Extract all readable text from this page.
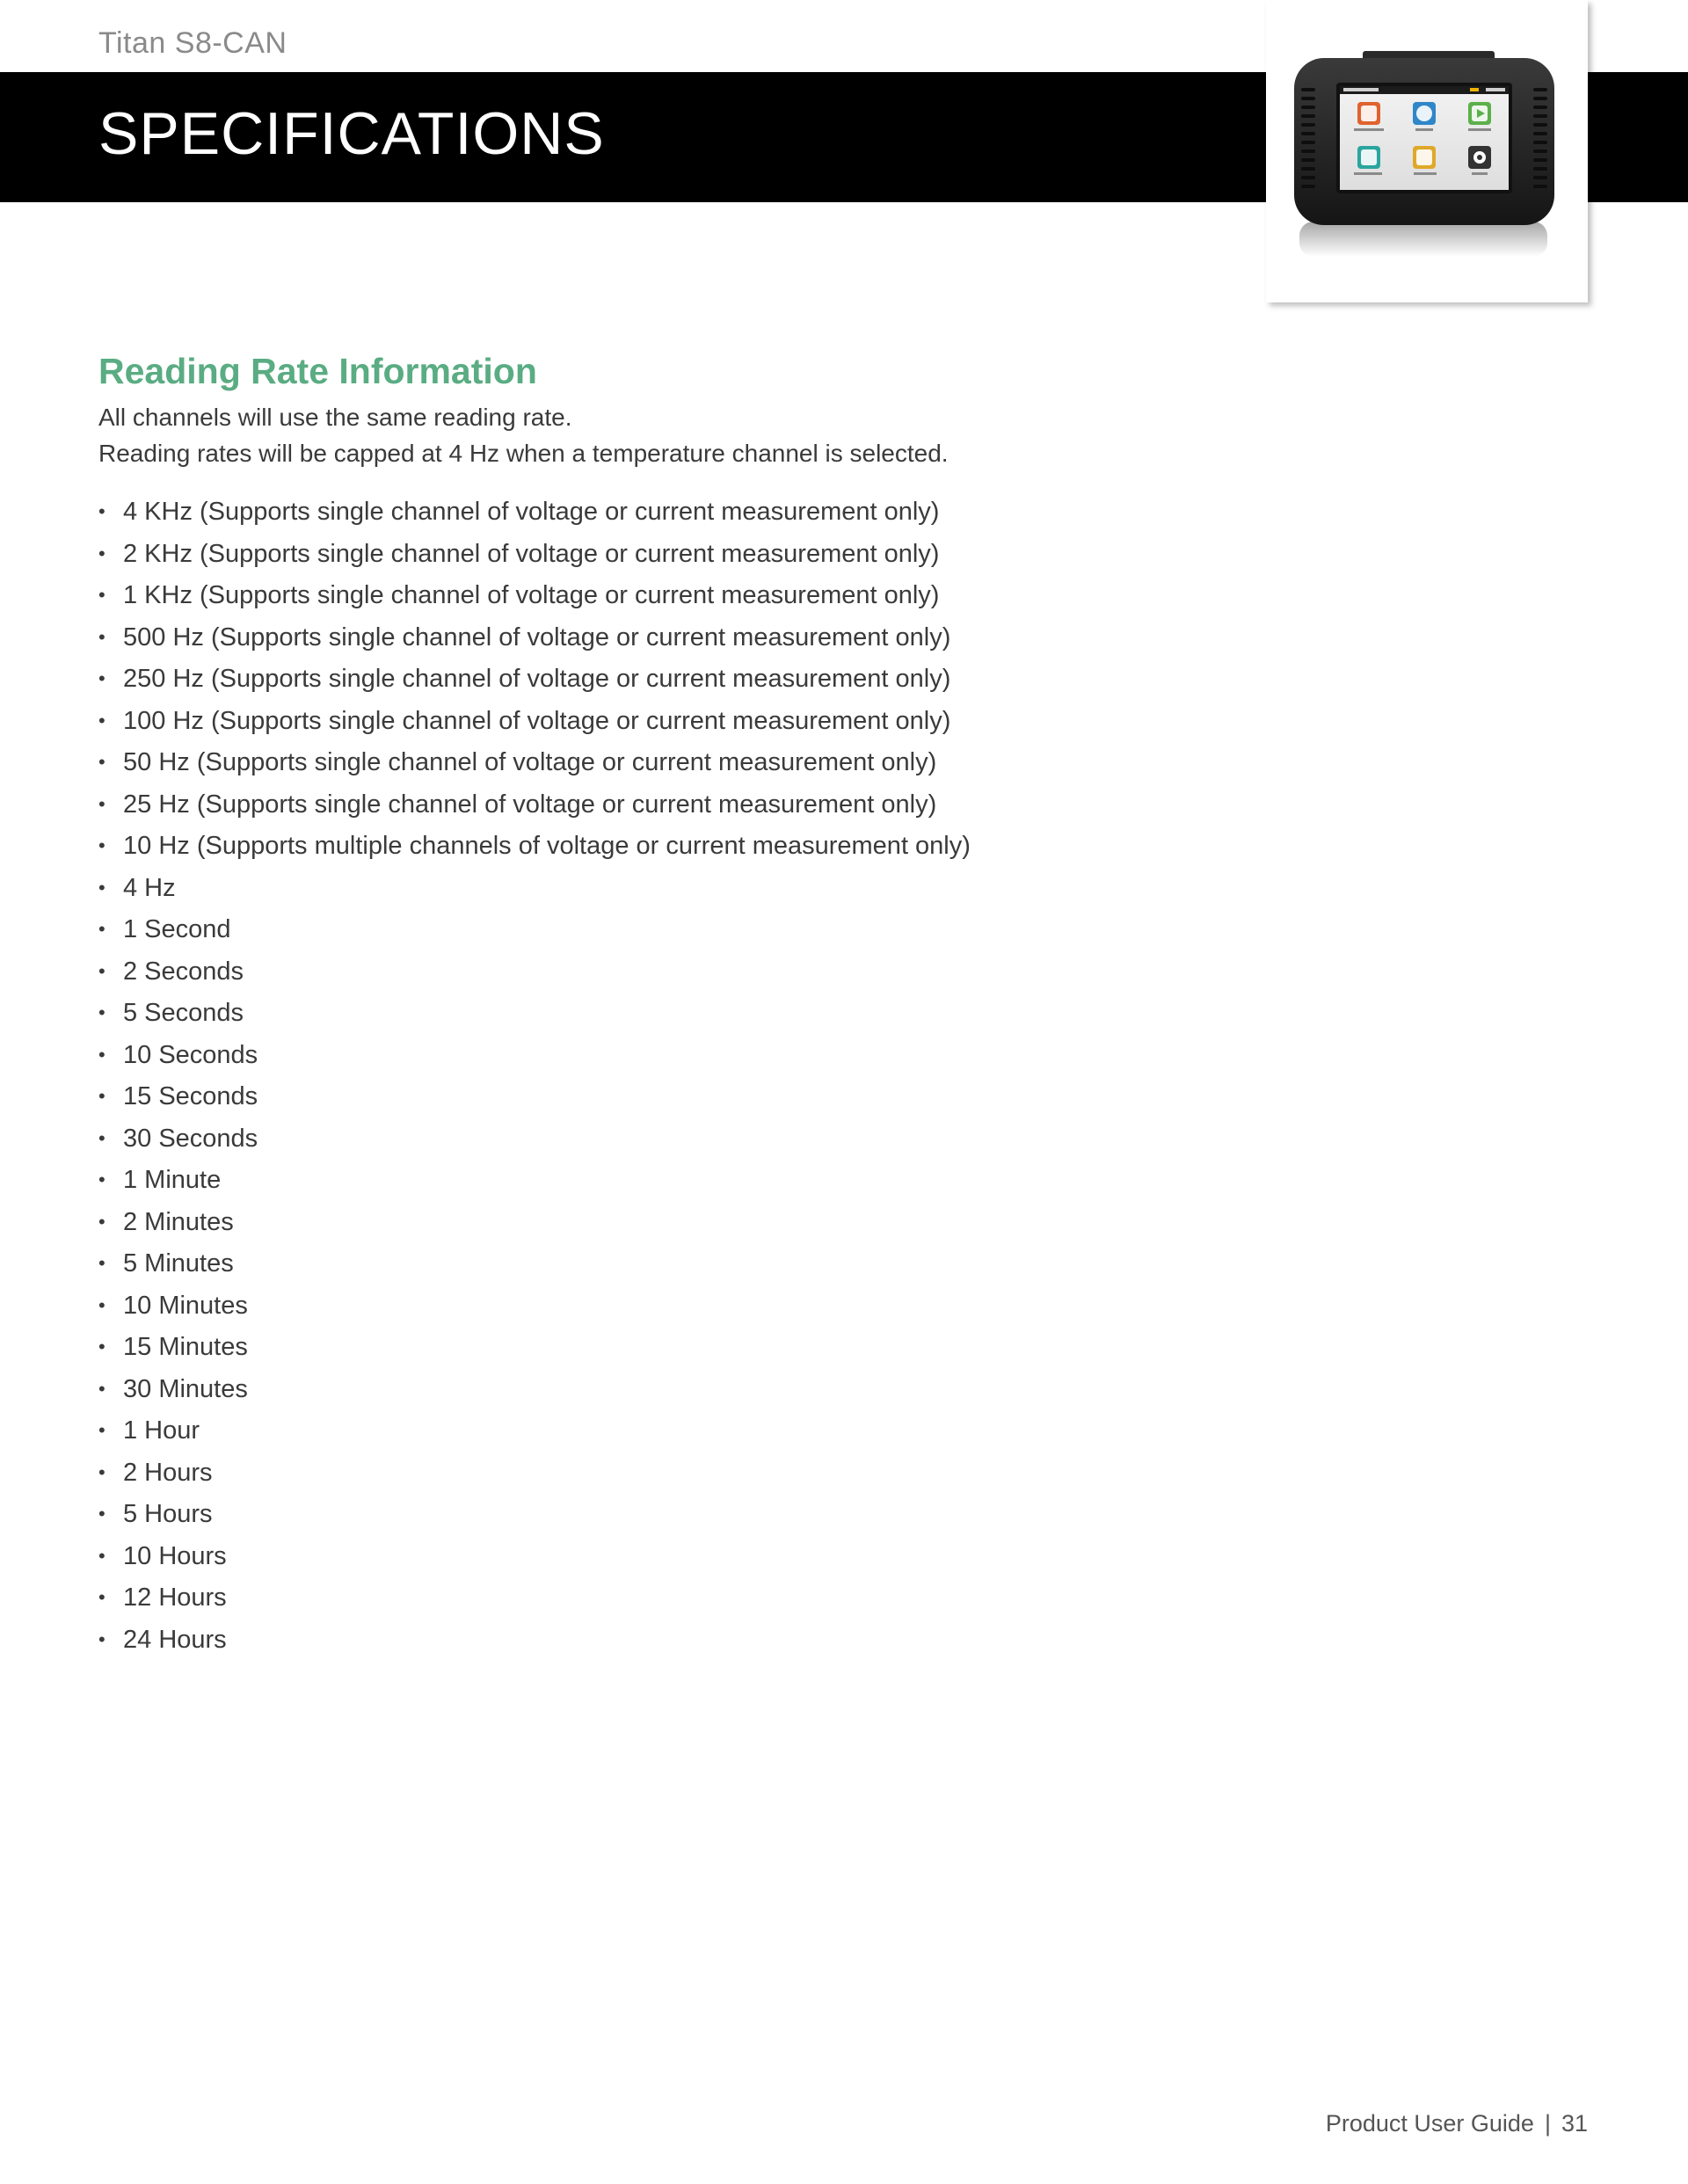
Titan S8-CAN
SPECIFICATIONS
Reading Rate Information

All channels will use the same reading rate.

Reading rates will be capped at 4 Hz when a temperature channel is selected.

• 4 KHz (Supports single channel of voltage or current measurement only)
• 2 KHz (Supports single channel of voltage or current measurement only)
• 1 KHz (Supports single channel of voltage or current measurement only)
• 500 Hz (Supports single channel of voltage or current measurement only)
• 250 Hz (Supports single channel of voltage or current measurement only)
• 100 Hz (Supports single channel of voltage or current measurement only)
• 50 Hz (Supports single channel of voltage or current measurement only)
• 25 Hz (Supports single channel of voltage or current measurement only)
• 10 Hz (Supports multiple channels of voltage or current measurement only)
• 4 Hz
• 1 Second
• 2 Seconds
• 5 Seconds
• 10 Seconds
• 15 Seconds
• 30 Seconds
• 1 Minute
• 2 Minutes
• 5 Minutes
• 10 Minutes
• 15 Minutes
• 30 Minutes
• 1 Hour
• 2 Hours
• 5 Hours
• 10 Hours
• 12 Hours
• 24 Hours
Product User Guide | 31
